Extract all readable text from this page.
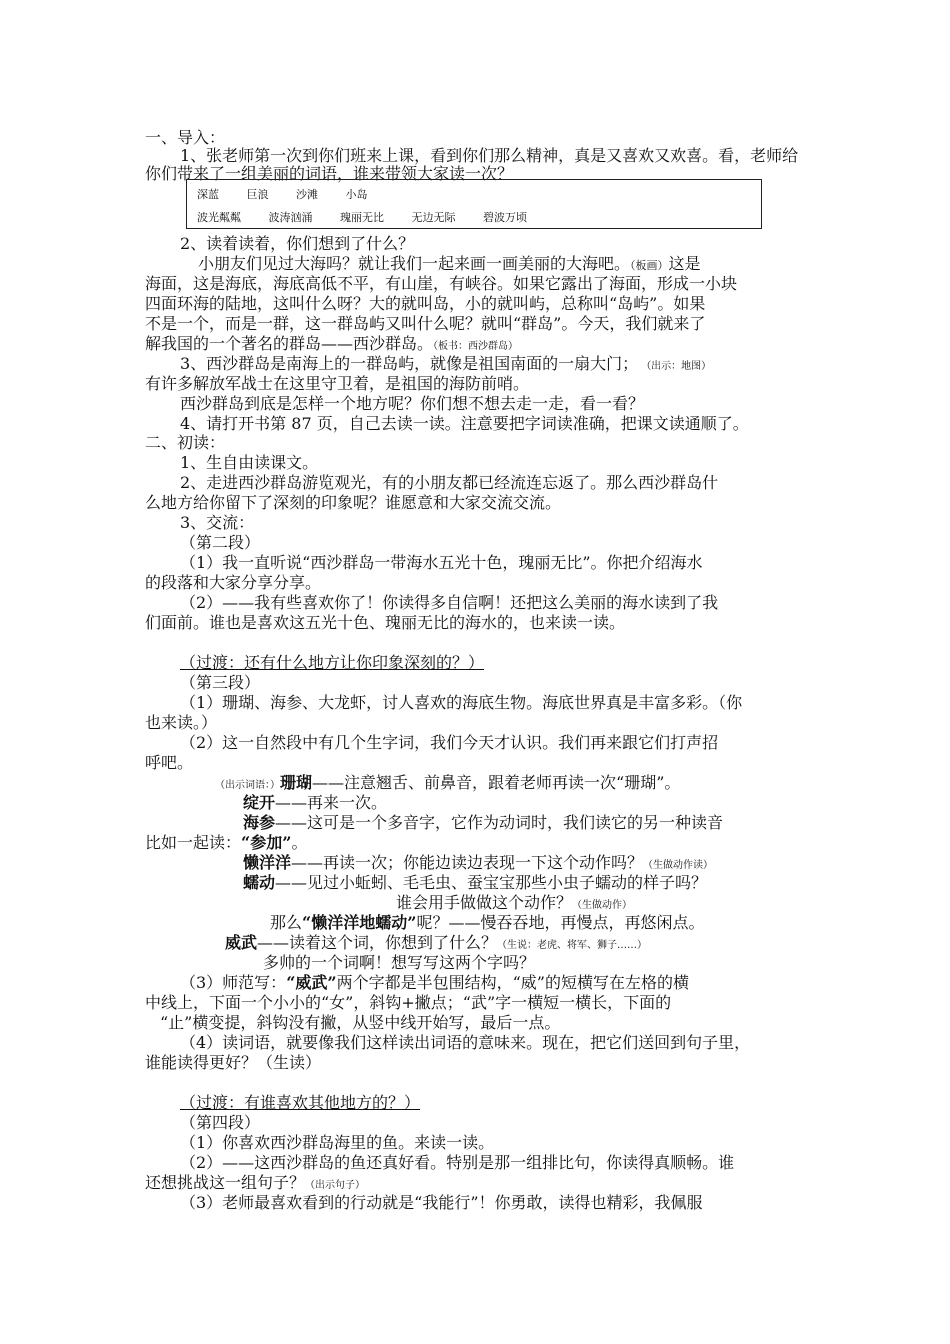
一、导入：
1、张老师第一次到你们班来上课，看到你们那么精神，真是又喜欢又欢喜。看，老师给
你们带来了一组美丽的词语，谁来带领大家读一次？
深蓝	巨浪	沙滩	小岛
波光粼粼	波涛汹涌	瑰丽无比	无边无际	碧波万顷
2、读着读着，你们想到了什么？
小朋友们见过大海吗？就让我们一起来画一画美丽的大海吧。（板画）这是
海面，这是海底，海底高低不平，有山崖，有峡谷。如果它露出了海面，形成一小块
四面环海的陆地，这叫什么呀？大的就叫岛，小的就叫屿，总称叫“岛屿”。如果
不是一个，而是一群，这一群岛屿又叫什么呢？就叫“群岛”。今天，我们就来了
解我国的一个著名的群岛——西沙群岛。（板书：西沙群岛）
3、西沙群岛是南海上的一群岛屿，就像是祖国南面的一扇大门； （出示：地图）
有许多解放军战士在这里守卫着，是祖国的海防前哨。
西沙群岛到底是怎样一个地方呢？你们想不想去走一走，看一看？
4、请打开书第 87 页，自己去读一读。注意要把字词读准确，把课文读通顺了。
二、初读：
1、生自由读课文。
2、走进西沙群岛游览观光，有的小朋友都已经流连忘返了。那么西沙群岛什
么地方给你留下了深刻的印象呢？谁愿意和大家交流交流。
3、交流：
（第二段）
（1）我一直听说“西沙群岛一带海水五光十色，瑰丽无比”。你把介绍海水
的段落和大家分享分享。
（2）——我有些喜欢你了！你读得多自信啊！还把这么美丽的海水读到了我
们面前。谁也是喜欢这五光十色、瑰丽无比的海水的，也来读一读。
（过渡：还有什么地方让你印象深刻的？）
（第三段）
（1）珊瑚、海参、大龙虾，讨人喜欢的海底生物。海底世界真是丰富多彩。（你
也来读。）
（2）这一自然段中有几个生字词，我们今天才认识。我们再来跟它们打声招
呼吧。
（出示词语：）珊瑚——注意翘舌、前鼻音，跟着老师再读一次“珊瑚”。
绽开——再来一次。
海参——这可是一个多音字，它作为动词时，我们读它的另一种读音
比如一起读：“参加”。
懒洋洋——再读一次；你能边读边表现一下这个动作吗？（生做动作读）
蠕动——见过小蚯蚓、毛毛虫、蚕宝宝那些小虫子蠕动的样子吗？
谁会用手做做这个动作？（生做动作）
那么“懒洋洋地蠕动”呢？——慢吞吞地，再慢点，再悠闲点。
威武——读着这个词，你想到了什么？（生说：老虎、将军、狮子……）
多帅的一个词啊！想写写这两个字吗？
（3）师范写：“威武”两个字都是半包围结构，“威”的短横写在左格的横
中线上，下面一个小小的“女”，斜钩+撇点；“武”字一横短一横长，下面的
“止”横变提，斜钩没有撇，从竖中线开始写，最后一点。
（4）读词语，就要像我们这样读出词语的意味来。现在，把它们送回到句子里，
谁能读得更好？（生读）
（过渡：有谁喜欢其他地方的？）
（第四段）
（1）你喜欢西沙群岛海里的鱼。来读一读。
（2）——这西沙群岛的鱼还真好看。特别是那一组排比句，你读得真顺畅。谁
还想挑战这一组句子？（出示句子）
（3）老师最喜欢看到的行动就是“我能行”！你勇敢，读得也精彩，我佩服
